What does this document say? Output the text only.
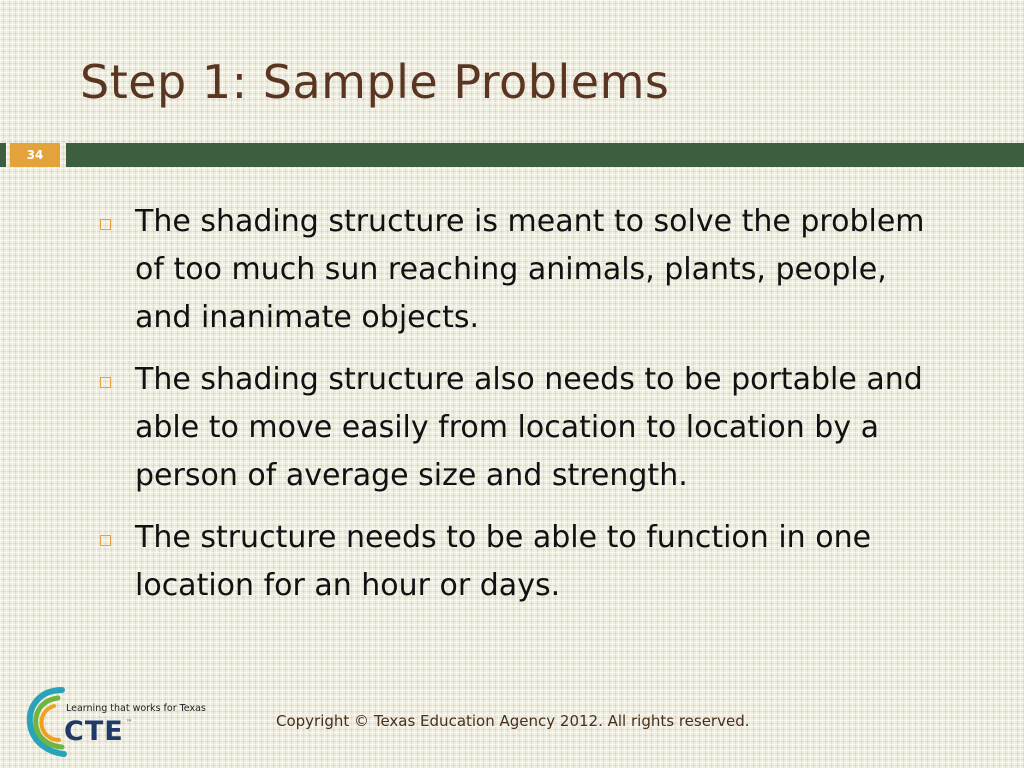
Step 1: Sample Problems
34
The shading structure is meant to solve the problem of too much sun reaching animals, plants, people, and inanimate objects.
The shading structure also needs to be portable and able to move easily from location to location by a person of average size and strength.
The structure needs to be able to function in one location for an hour or days.
Learning that works for Texas
CTE ™	Copyright © Texas Education Agency 2012. All rights reserved.
